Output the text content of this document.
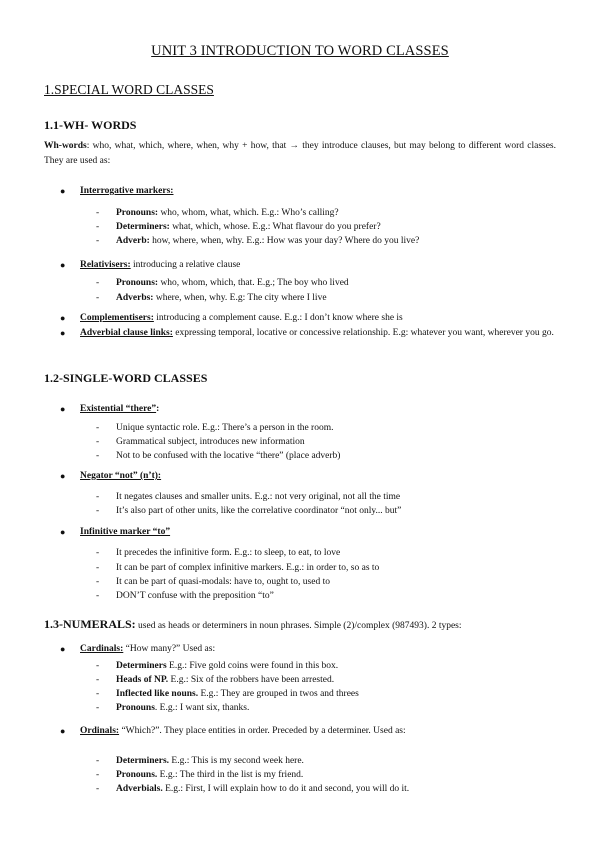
UNIT 3 INTRODUCTION TO WORD CLASSES
1.SPECIAL WORD CLASSES
1.1-WH- WORDS
Wh-words: who, what, which, where, when, why + how, that → they introduce clauses, but may belong to different word classes. They are used as:
● Interrogative markers:
- Pronouns: who, whom, what, which. E.g.: Who’s calling?
- Determiners: what, which, whose. E.g.: What flavour do you prefer?
- Adverb: how, where, when, why. E.g.: How was your day? Where do you live?
● Relativisers: introducing a relative clause
- Pronouns: who, whom, which, that. E.g.; The boy who lived
- Adverbs: where, when, why. E.g: The city where I live
● Complementisers: introducing a complement cause. E.g.: I don’t know where she is
● Adverbial clause links: expressing temporal, locative or concessive relationship. E.g: whatever you want, wherever you go.
1.2-SINGLE-WORD CLASSES
● Existential “there”:
- Unique syntactic role. E.g.: There’s a person in the room.
- Grammatical subject, introduces new information
- Not to be confused with the locative “there” (place adverb)
● Negator “not” (n’t):
- It negates clauses and smaller units. E.g.: not very original, not all the time
- It’s also part of other units, like the correlative coordinator “not only... but”
● Infinitive marker “to”
- It precedes the infinitive form. E.g.: to sleep, to eat, to love
- It can be part of complex infinitive markers. E.g.: in order to, so as to
- It can be part of quasi-modals: have to, ought to, used to
- DON’T confuse with the preposition “to”
1.3-NUMERALS: used as heads or determiners in noun phrases. Simple (2)/complex (987493). 2 types:
● Cardinals: “How many?” Used as:
- Determiners E.g.: Five gold coins were found in this box.
- Heads of NP. E.g.: Six of the robbers have been arrested.
- Inflected like nouns. E.g.: They are grouped in twos and threes
- Pronouns. E.g.: I want six, thanks.
● Ordinals: “Which?”. They place entities in order. Preceded by a determiner. Used as:
- Determiners. E.g.: This is my second week here.
- Pronouns. E.g.: The third in the list is my friend.
- Adverbials. E.g.: First, I will explain how to do it and second, you will do it.
